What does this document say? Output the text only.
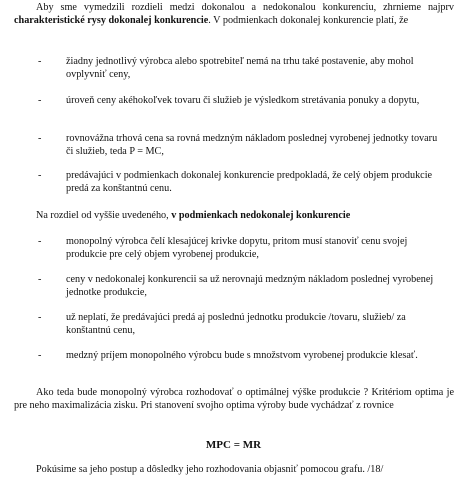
Aby sme vymedzili rozdieli medzi dokonalou a nedokonalou konkurenciu, zhrnieme najprv charakteristické rysy dokonalej konkurencie. V podmienkach dokonalej konkurencie platí, že

- žiadny jednotlivý výrobca alebo spotrebiteľ nemá na trhu také postavenie, aby mohol ovplyvniť ceny,
- úroveň ceny akéhokoľvek tovaru či služieb je výsledkom stretávania ponuky a dopytu,
- rovnovážna trhová cena sa rovná medzným nákladom poslednej vyrobenej jednotky tovaru či služieb, teda P = MC,
- predávajúci v podmienkach dokonalej konkurencie predpokladá, že celý objem produkcie predá za konštantnú cenu.

Na rozdiel od vyššie uvedeného, v podmienkach nedokonalej konkurencie

- monopolný výrobca čelí klesajúcej krivke dopytu, pritom musí stanoviť cenu svojej produkcie pre celý objem vyrobenej produkcie,
- ceny v nedokonalej konkurencii sa už nerovnajú medzným nákladom poslednej vyrobenej jednotke produkcie,
- už neplatí, že predávajúci predá aj poslednú jednotku produkcie /tovaru, služieb/ za konštantnú cenu,
- medzný príjem monopolného výrobcu bude s množstvom vyrobenej produkcie klesať.

Ako teda bude monopolný výrobca rozhodovať o optimálnej výške produkcie ? Kritériom optima je pre neho maximalizácia zisku. Pri stanovení svojho optima výroby bude vychádzať z rovnice

MPC = MR

Pokúsime sa jeho postup a dôsledky jeho rozhodovania objasniť pomocou grafu. /18/
